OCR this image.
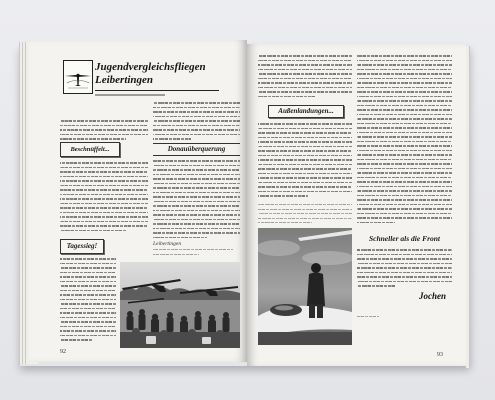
Jugendvergleichsfliegen
Leibertingen
Beschnüffelt...
Tagessieg!
Donauüberquerung
Leibertingen
92
Außenlandungen...
Schneller als die Front
Jochen
93
